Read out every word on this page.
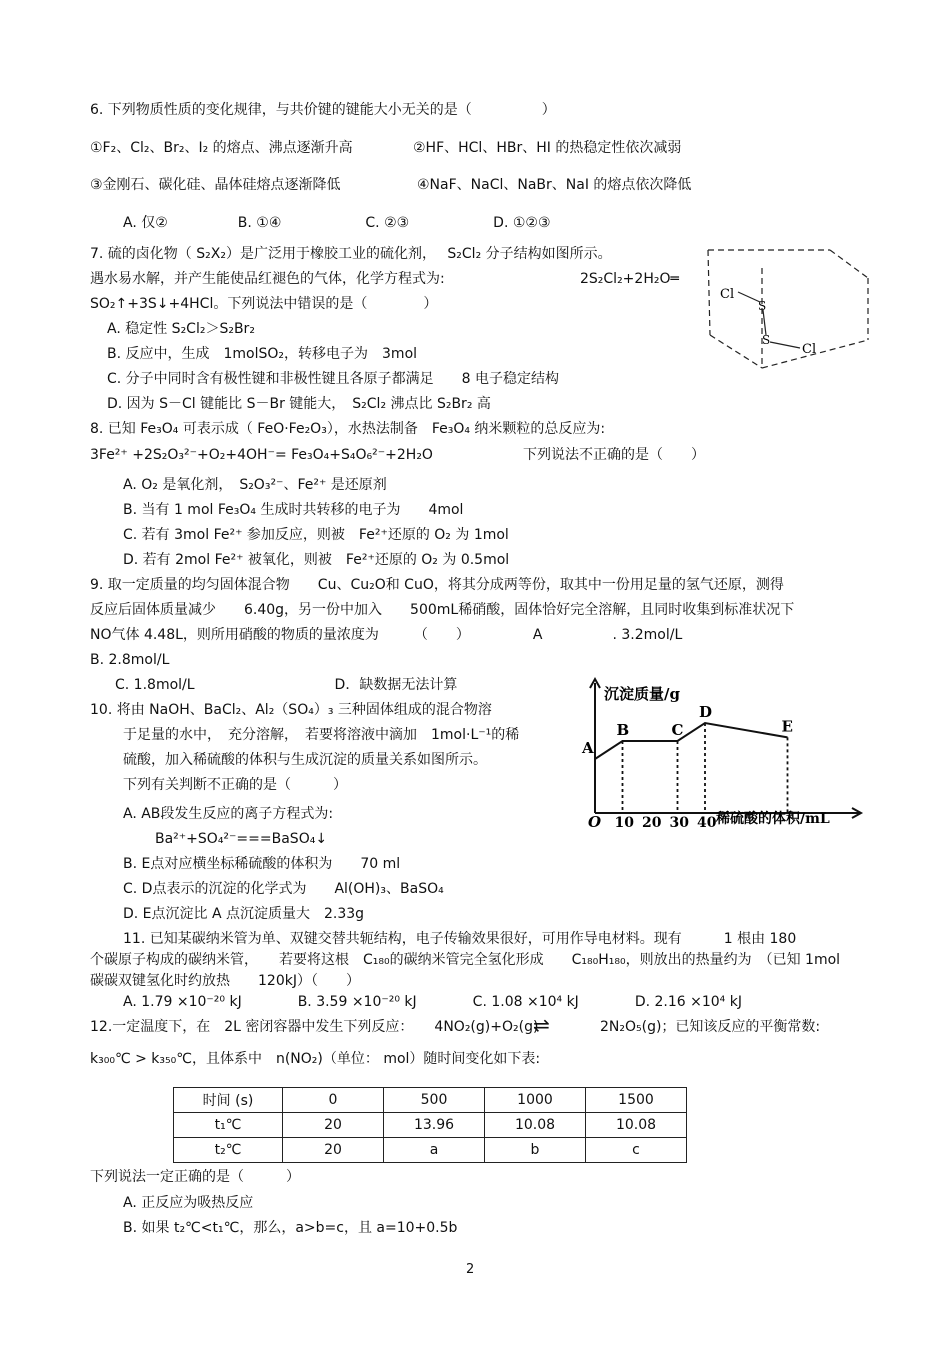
6. 下列物质性质的变化规律，与共价键的键能大小无关的是（　　　　　）
①F₂、Cl₂、Br₂、I₂ 的熔点、沸点逐渐升高	②HF、HCl、HBr、HI 的热稳定性依次减弱
③金刚石、碳化硅、晶体硅熔点逐渐降低	④NaF、NaCl、NaBr、NaI 的熔点依次降低
A. 仅②　　　　　B. ①④　　　　　　C. ②③　　　　　　D. ①②③
7. 硫的卤化物（ S₂X₂）是广泛用于橡胶工业的硫化剂，　 S₂Cl₂ 分子结构如图所示。
遇水易水解，并产生能使品红褪色的气体，化学方程式为:	2S₂Cl₂+2H₂O═
SO₂↑+3S↓+4HCl。下列说法中错误的是（　　　　）
A. 稳定性 S₂Cl₂＞S₂Br₂
B. 反应中，生成　1molSO₂，转移电子为　3mol
C. 分子中同时含有极性键和非极性键且各原子都满足　　8 电子稳定结构
D. 因为 S－Cl 键能比 S－Br 键能大，　S₂Cl₂ 沸点比 S₂Br₂ 高
Cl
S
S
Cl
8. 已知 Fe₃O₄ 可表示成（ FeO·Fe₂O₃），水热法制备　Fe₃O₄ 纳米颗粒的总反应为:
3Fe²⁺ +2S₂O₃²⁻+O₂+4OH⁻= Fe₃O₄+S₄O₆²⁻+2H₂O	下列说法不正确的是（　　）
A. O₂ 是氧化剂，　S₂O₃²⁻、Fe²⁺ 是还原剂
B. 当有 1 mol Fe₃O₄ 生成时共转移的电子为　　4mol
C. 若有 3mol Fe²⁺ 参加反应，则被　Fe²⁺还原的 O₂ 为 1mol
D. 若有 2mol Fe²⁺ 被氧化，则被　Fe²⁺还原的 O₂ 为 0.5mol
9. 取一定质量的均匀固体混合物　　Cu、Cu₂O和 CuO，将其分成两等份，取其中一份用足量的氢气还原，测得
反应后固体质量减少　　6.40g，另一份中加入　　500mL稀硝酸，固体恰好完全溶解，且同时收集到标准状况下
NO气体 4.48L，则所用硝酸的物质的量浓度为　　　（　　）　　　　　A　　　　　. 3.2mol/L
B. 2.8mol/L
C. 1.8mol/L　　　　　　　　　　D．缺数据无法计算
10. 将由 NaOH、BaCl₂、Al₂（SO₄）₃ 三种固体组成的混合物溶
于足量的水中，　充分溶解，　若要将溶液中滴加　1mol·L⁻¹的稀
硫酸，加入稀硫酸的体积与生成沉淀的质量关系如图所示。
下列有关判断不正确的是（　　　）
A. AB段发生反应的离子方程式为:
Ba²⁺+SO₄²⁻===BaSO₄↓
B. E点对应横坐标稀硫酸的体积为　　70 ml
C. D点表示的沉淀的化学式为　　Al(OH)₃、BaSO₄
D. E点沉淀比 A 点沉淀质量大　2.33g
沉淀质量/g
稀硫酸的体积/mL
O
A
B	C
D
E
10 20 30 40
11. 已知某碳纳米管为单、双键交替共轭结构，电子传输效果很好，可用作导电材料。现有　　　1 根由 180
个碳原子构成的碳纳米管，　　若要将这根　C₁₈₀的碳纳米管完全氢化形成　　C₁₈₀H₁₈₀，则放出的热量约为　（已知 1mol
碳碳双键氢化时约放热　　120kJ）（　　）
A. 1.79 ×10⁻²⁰ kJ　　　　B. 3.59 ×10⁻²⁰ kJ　　　　C. 1.08 ×10⁴ kJ　　　　D. 2.16 ×10⁴ kJ
12.一定温度下，在　2L 密闭容器中发生下列反应：　　4NO₂(g)+O₂(g)
⇌	2N₂O₅(g)；已知该反应的平衡常数:
k₃₀₀℃ > k₃₅₀℃，且体系中　n(NO₂)（单位： mol）随时间变化如下表:
时间 (s)	0	500	1000	1500
t₁℃	20	13.96	10.08	10.08
t₂℃	20	a	b	c
下列说法一定正确的是（　　　）
A. 正反应为吸热反应
B. 如果 t₂℃<t₁℃，那么，a>b=c，且 a=10+0.5b
2
